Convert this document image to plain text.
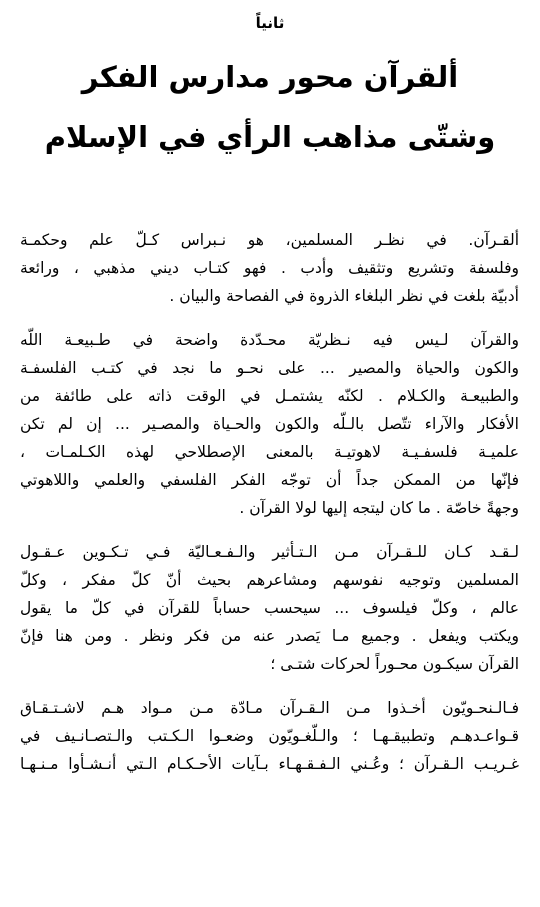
ثانياً

ألقرآن محور مدارس الفكر
وشتّى مذاهب الرأي في الإسلام
ألقـرآن. في نظـر المسلمين، هو نـبراس كـلّ علم وحكمـة
وفلسفة وتشريع وتثقيف وأدب . فهو كتـاب ديني مذهبي ، ورائعة
أدبيّة بلغت في نظر البلغاء الذروة في الفصاحة والبيان .
والقرآن لـيس فيه نـظريّة محـدّدة واضحة في طـبيعـة اللّه
والكون والحياة والمصير ... على نحـو ما نجد في كتـب الفلسفـة
والطبيعـة والكـلام . لكنّه يشتمـل في الوقت ذاته على طائفة من
الأفكار والآراء تتّصل بالـلّه والكون والحـياة والمصـير ... إن لم تكن
علميـة فلسفـيـة لاهوتيـة بالمعنى الإصطلاحي لهذه الكـلمـات ،
فإنّها من الممكن جداً أن توجّه الفكر الفلسفي والعلمي واللاهوتي
وجهةً خاصّة . ما كان ليتجه إليها لولا القرآن .
لـقـد كـان للـقـرآن مـن الـتـأثير والـفـعـاليّة فـي تـكـوين عـقـول
المسلمين وتوجيه نفوسهم ومشاعرهم بحيث أنّ كلّ مفكر ، وكلّ
عالم ، وكلّ فيلسوف ... سيحسب حساباً للقرآن في كلّ ما يقول
ويكتب ويفعل . وجميع مـا يَصدر عنه من فكر ونظر . ومن هنا فإنّ
القرآن سيكـون محـوراً لحركات شتـى ؛
فـالـنحـويّون أخـذوا مـن الـقـرآن مـادّة مـن مـواد هـم لاشـتـقـاق
قـواعـدهـم وتطبيقـهـا ؛ والـلّغـويّون وضعـوا الـكـتب والـتصـانـيف في
غـريـب الـقـرآن ؛ وعُـني الـفـقـهـاء بـآيات الأحـكـام الـتي أنـشـأوا مـنـهـا
